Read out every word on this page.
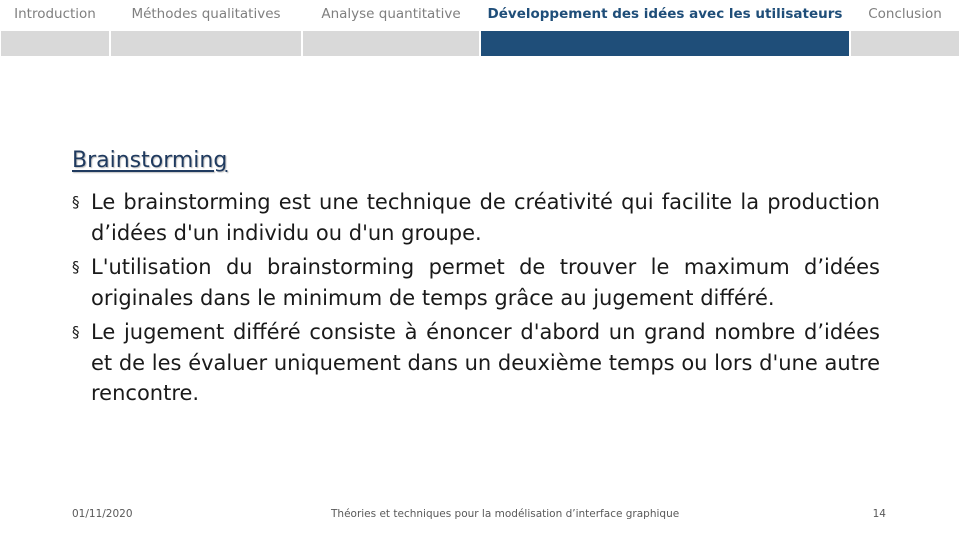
Introduction	Méthodes qualitatives	Analyse quantitative	Développement des idées avec les utilisateurs	Conclusion
Brainstorming
§ Le brainstorming est une technique de créativité qui facilite la production d’idées d'un individu ou d'un groupe.
§ L'utilisation du brainstorming permet de trouver le maximum d’idées originales dans le minimum de temps grâce au jugement différé.
§ Le jugement différé consiste à énoncer d'abord un grand nombre d’idées et de les évaluer uniquement dans un deuxième temps ou lors d'une autre rencontre.
01/11/2020	Théories et techniques pour la modélisation d’interface graphique	14
